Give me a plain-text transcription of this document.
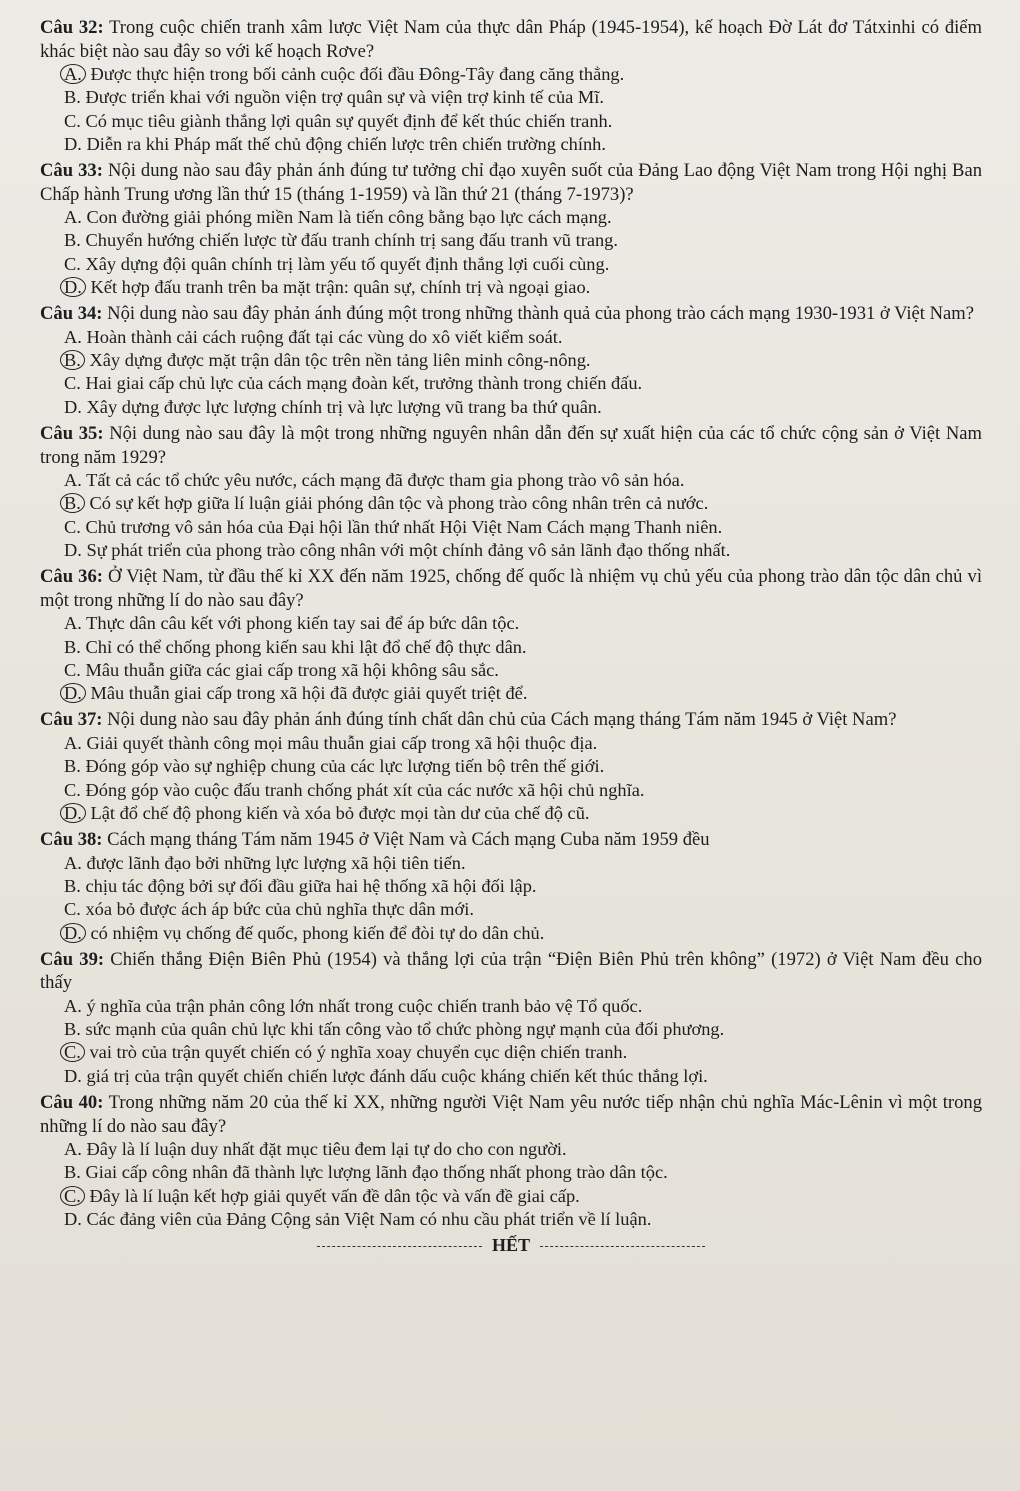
Câu 32: Trong cuộc chiến tranh xâm lược Việt Nam của thực dân Pháp (1945-1954), kế hoạch Đờ Lát đơ Tátxinhi có điểm khác biệt nào sau đây so với kế hoạch Rơve?

A. Được thực hiện trong bối cảnh cuộc đối đầu Đông-Tây đang căng thẳng.
B. Được triển khai với nguồn viện trợ quân sự và viện trợ kinh tế của Mĩ.
C. Có mục tiêu giành thắng lợi quân sự quyết định để kết thúc chiến tranh.
D. Diễn ra khi Pháp mất thế chủ động chiến lược trên chiến trường chính.

Câu 33: Nội dung nào sau đây phản ánh đúng tư tưởng chỉ đạo xuyên suốt của Đảng Lao động Việt Nam trong Hội nghị Ban Chấp hành Trung ương lần thứ 15 (tháng 1-1959) và lần thứ 21 (tháng 7-1973)?

A. Con đường giải phóng miền Nam là tiến công bằng bạo lực cách mạng.
B. Chuyển hướng chiến lược từ đấu tranh chính trị sang đấu tranh vũ trang.
C. Xây dựng đội quân chính trị làm yếu tố quyết định thắng lợi cuối cùng.
D. Kết hợp đấu tranh trên ba mặt trận: quân sự, chính trị và ngoại giao.

Câu 34: Nội dung nào sau đây phản ánh đúng một trong những thành quả của phong trào cách mạng 1930-1931 ở Việt Nam?

A. Hoàn thành cải cách ruộng đất tại các vùng do xô viết kiểm soát.
B. Xây dựng được mặt trận dân tộc trên nền tảng liên minh công-nông.
C. Hai giai cấp chủ lực của cách mạng đoàn kết, trưởng thành trong chiến đấu.
D. Xây dựng được lực lượng chính trị và lực lượng vũ trang ba thứ quân.

Câu 35: Nội dung nào sau đây là một trong những nguyên nhân dẫn đến sự xuất hiện của các tổ chức cộng sản ở Việt Nam trong năm 1929?

A. Tất cả các tổ chức yêu nước, cách mạng đã được tham gia phong trào vô sản hóa.
B. Có sự kết hợp giữa lí luận giải phóng dân tộc và phong trào công nhân trên cả nước.
C. Chủ trương vô sản hóa của Đại hội lần thứ nhất Hội Việt Nam Cách mạng Thanh niên.
D. Sự phát triển của phong trào công nhân với một chính đảng vô sản lãnh đạo thống nhất.

Câu 36: Ở Việt Nam, từ đầu thế kỉ XX đến năm 1925, chống đế quốc là nhiệm vụ chủ yếu của phong trào dân tộc dân chủ vì một trong những lí do nào sau đây?

A. Thực dân câu kết với phong kiến tay sai để áp bức dân tộc.
B. Chỉ có thể chống phong kiến sau khi lật đổ chế độ thực dân.
C. Mâu thuẫn giữa các giai cấp trong xã hội không sâu sắc.
D. Mâu thuẫn giai cấp trong xã hội đã được giải quyết triệt để.

Câu 37: Nội dung nào sau đây phản ánh đúng tính chất dân chủ của Cách mạng tháng Tám năm 1945 ở Việt Nam?

A. Giải quyết thành công mọi mâu thuẫn giai cấp trong xã hội thuộc địa.
B. Đóng góp vào sự nghiệp chung của các lực lượng tiến bộ trên thế giới.
C. Đóng góp vào cuộc đấu tranh chống phát xít của các nước xã hội chủ nghĩa.
D. Lật đổ chế độ phong kiến và xóa bỏ được mọi tàn dư của chế độ cũ.

Câu 38: Cách mạng tháng Tám năm 1945 ở Việt Nam và Cách mạng Cuba năm 1959 đều

A. được lãnh đạo bởi những lực lượng xã hội tiên tiến.
B. chịu tác động bởi sự đối đầu giữa hai hệ thống xã hội đối lập.
C. xóa bỏ được ách áp bức của chủ nghĩa thực dân mới.
D. có nhiệm vụ chống đế quốc, phong kiến để đòi tự do dân chủ.

Câu 39: Chiến thắng Điện Biên Phủ (1954) và thắng lợi của trận “Điện Biên Phủ trên không” (1972) ở Việt Nam đều cho thấy

A. ý nghĩa của trận phản công lớn nhất trong cuộc chiến tranh bảo vệ Tổ quốc.
B. sức mạnh của quân chủ lực khi tấn công vào tổ chức phòng ngự mạnh của đối phương.
C. vai trò của trận quyết chiến có ý nghĩa xoay chuyển cục diện chiến tranh.
D. giá trị của trận quyết chiến chiến lược đánh dấu cuộc kháng chiến kết thúc thắng lợi.

Câu 40: Trong những năm 20 của thế kỉ XX, những người Việt Nam yêu nước tiếp nhận chủ nghĩa Mác-Lênin vì một trong những lí do nào sau đây?

A. Đây là lí luận duy nhất đặt mục tiêu đem lại tự do cho con người.
B. Giai cấp công nhân đã thành lực lượng lãnh đạo thống nhất phong trào dân tộc.
C. Đây là lí luận kết hợp giải quyết vấn đề dân tộc và vấn đề giai cấp.
D. Các đảng viên của Đảng Cộng sản Việt Nam có nhu cầu phát triển về lí luận.
HẾT
